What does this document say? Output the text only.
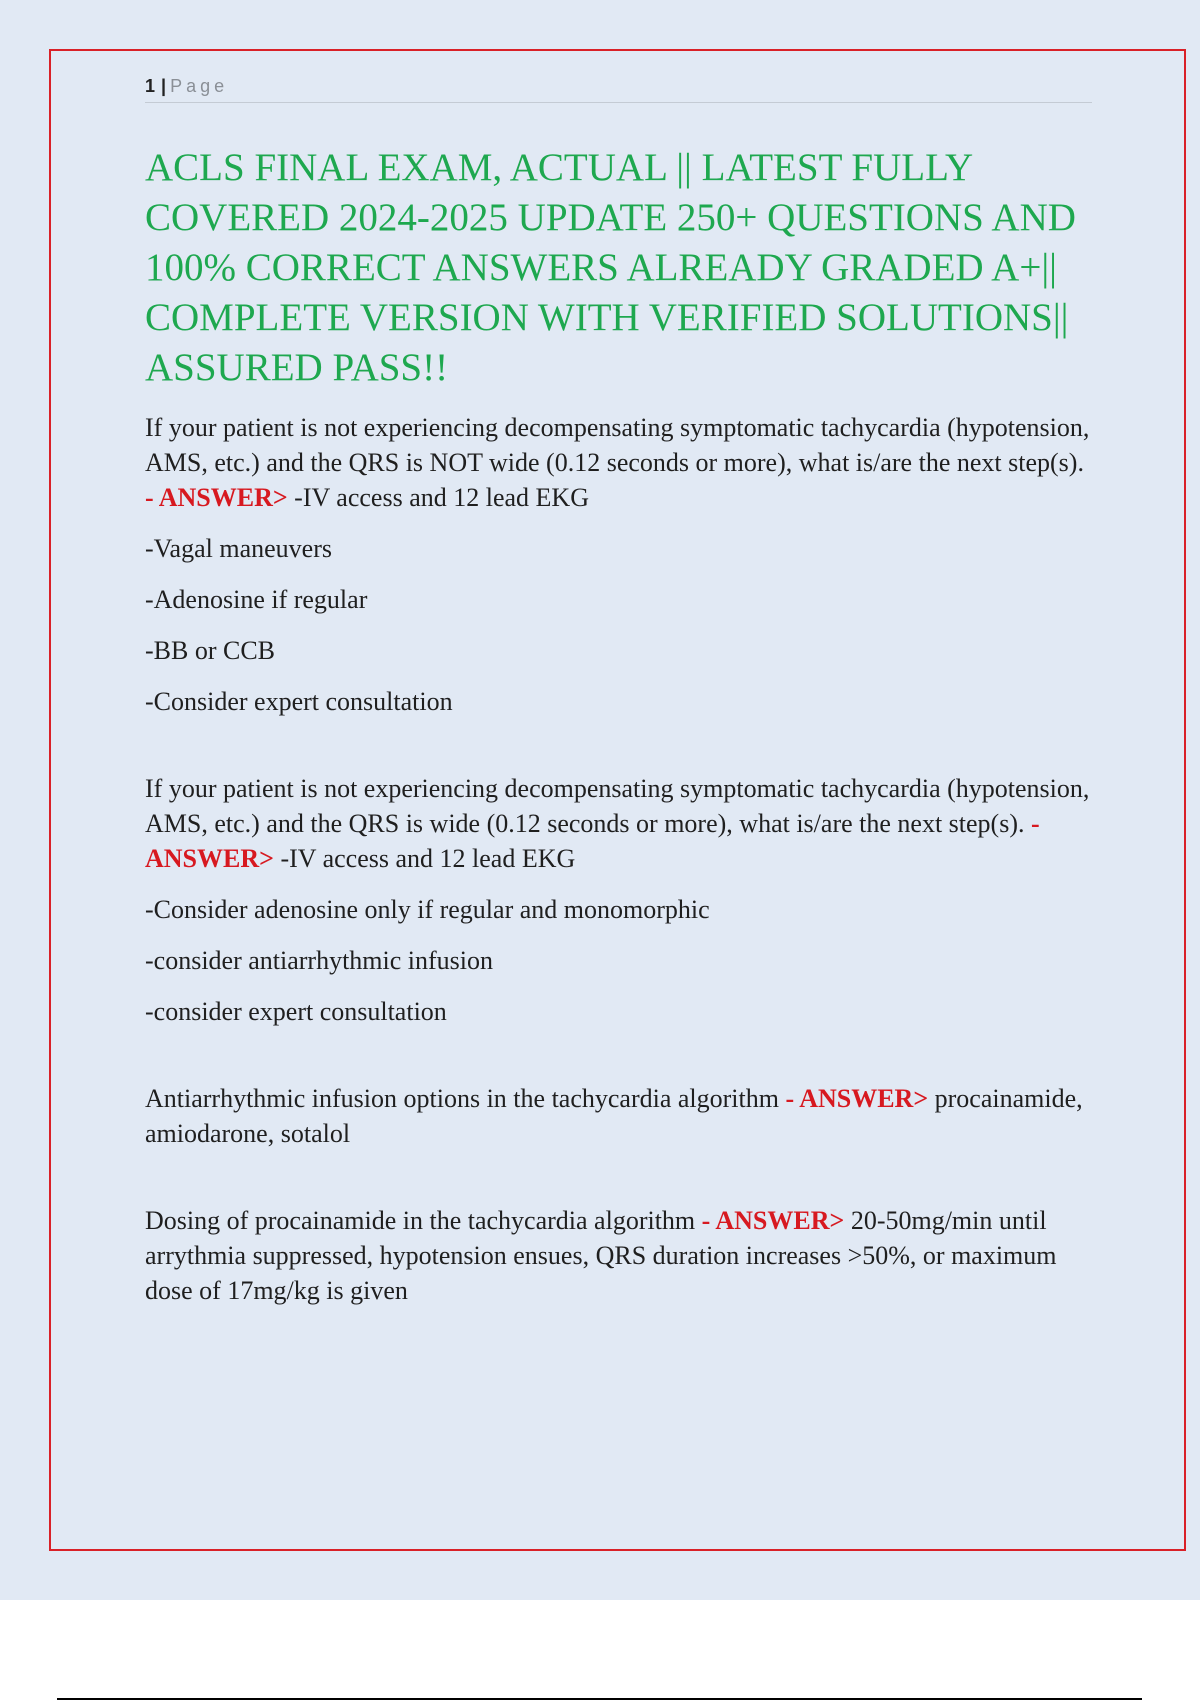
1 | Page
ACLS FINAL EXAM, ACTUAL || LATEST FULLY COVERED 2024-2025 UPDATE 250+ QUESTIONS AND 100% CORRECT ANSWERS ALREADY GRADED A+|| COMPLETE VERSION WITH VERIFIED SOLUTIONS|| ASSURED PASS!!

If your patient is not experiencing decompensating symptomatic tachycardia (hypotension, AMS, etc.) and the QRS is NOT wide (0.12 seconds or more), what is/are the next step(s). - ANSWER> -IV access and 12 lead EKG

-Vagal maneuvers

-Adenosine if regular

-BB or CCB

-Consider expert consultation

If your patient is not experiencing decompensating symptomatic tachycardia (hypotension, AMS, etc.) and the QRS is wide (0.12 seconds or more), what is/are the next step(s). - ANSWER> -IV access and 12 lead EKG

-Consider adenosine only if regular and monomorphic

-consider antiarrhythmic infusion

-consider expert consultation

Antiarrhythmic infusion options in the tachycardia algorithm - ANSWER> procainamide, amiodarone, sotalol

Dosing of procainamide in the tachycardia algorithm - ANSWER> 20-50mg/min until arrythmia suppressed, hypotension ensues, QRS duration increases >50%, or maximum dose of 17mg/kg is given
